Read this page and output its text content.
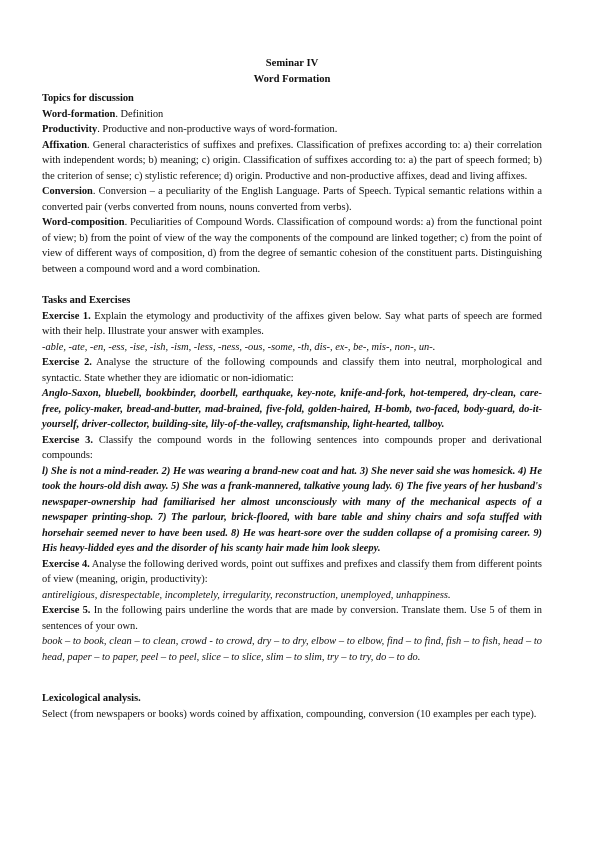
Seminar IV
Word Formation

Topics for discussion

Word-formation. Definition

Productivity. Productive and non-productive ways of word-formation.

Affixation. General characteristics of suffixes and prefixes. Classification of prefixes according to: a) their correlation with independent words; b) meaning; c) origin. Classification of suffixes according to: a) the part of speech formed; b) the criterion of sense; c) stylistic reference; d) origin. Productive and non-productive affixes, dead and living affixes.

Conversion. Conversion – a peculiarity of the English Language. Parts of Speech. Typical semantic relations within a converted pair (verbs converted from nouns, nouns converted from verbs).

Word-composition. Peculiarities of Compound Words. Classification of compound words: a) from the functional point of view; b) from the point of view of the way the components of the compound are linked together; c) from the point of view of different ways of composition, d) from the degree of semantic cohesion of the constituent parts. Distinguishing between a compound word and a word combination.

Tasks and Exercises

Exercise 1. Explain the etymology and productivity of the affixes given below. Say what parts of speech are formed with their help. Illustrate your answer with examples.

-able, -ate, -en, -ess, -ise, -ish, -ism, -less, -ness, -ous, -some, -th, dis-, ex-, be-, mis-, non-, un-.

Exercise 2. Analyse the structure of the following compounds and classify them into neutral, morphological and syntactic. State whether they are idiomatic or non-idiomatic:

Anglo-Saxon, bluebell, bookbinder, doorbell, earthquake, key-note, knife-and-fork, hot-tempered, dry-clean, care-free, policy-maker, bread-and-butter, mad-brained, five-fold, golden-haired, H-bomb, two-faced, body-guard, do-it-yourself, driver-collector, building-site, lily-of-the-valley, craftsmanship, light-hearted, tallboy.

Exercise 3. Classify the compound words in the following sentences into compounds proper and derivational compounds:

l) She is not a mind-reader. 2) He was wearing a brand-new coat and hat. 3) She never said she was homesick. 4) He took the hours-old dish away. 5) She was a frank-mannered, talkative young lady. 6) The five years of her husband's newspaper-ownership had familiarised her almost unconsciously with many of the mechanical aspects of a newspaper printing-shop. 7) The parlour, brick-floored, with bare table and shiny chairs and sofa stuffed with horsehair seemed never to have been used. 8) He was heart-sore over the sudden collapse of a promising career. 9) His heavy-lidded eyes and the disorder of his scanty hair made him look sleepy.

Exercise 4. Analyse the following derived words, point out suffixes and prefixes and classify them from different points of view (meaning, origin, productivity):

antireligious, disrespectable, incompletely, irregularity, reconstruction, unemployed, unhappiness.

Exercise 5. In the following pairs underline the words that are made by conversion. Translate them. Use 5 of them in sentences of your own.

book – to book, clean – to clean, crowd - to crowd, dry – to dry, elbow – to elbow, find – to find, fish – to fish, head – to head, paper – to paper, peel – to peel, slice – to slice, slim – to slim, try – to try, do – to do.

Lexicological analysis.

Select (from newspapers or books) words coined by affixation, compounding, conversion (10 examples per each type).
